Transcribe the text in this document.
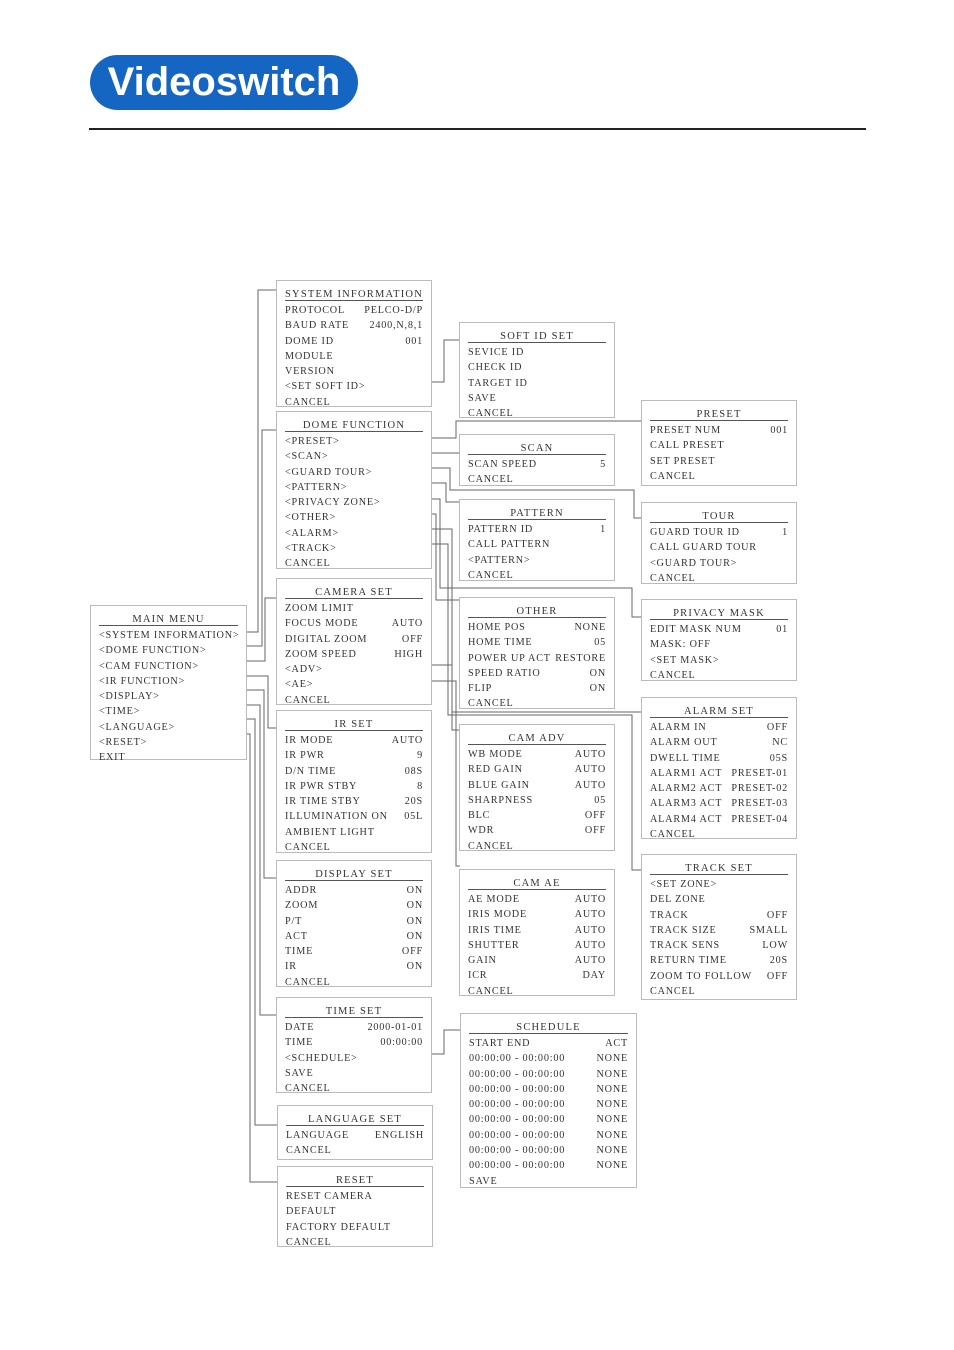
Videoswitch
MAIN MENU
<SYSTEM INFORMATION>
<DOME FUNCTION>
<CAM FUNCTION>
<IR FUNCTION>
<DISPLAY>
<TIME>
<LANGUAGE>
<RESET>
EXIT
SYSTEM INFORMATION
PROTOCOL PELCO-D/P
BAUD RATE 2400,N,8,1
DOME ID	001
MODULE
VERSION
<SET SOFT ID>
CANCEL
SOFT ID SET
SEVICE ID
CHECK ID
TARGET ID
SAVE
CANCEL
DOME FUNCTION
<PRESET>
<SCAN>
<GUARD TOUR>
<PATTERN>
<PRIVACY ZONE>
<OTHER>
<ALARM>
<TRACK>
CANCEL
PRESET
PRESET NUM	001
CALL PRESET
SET PRESET
CANCEL
SCAN
SCAN SPEED	5
CANCEL
PATTERN
PATTERN ID	1
CALL PATTERN
<PATTERN>
CANCEL
TOUR
GUARD TOUR ID	1
CALL GUARD TOUR
<GUARD TOUR>
CANCEL
CAMERA SET
ZOOM LIMIT
FOCUS MODE	AUTO
DIGITAL ZOOM	OFF
ZOOM SPEED	HIGH
<ADV>
<AE>
CANCEL
OTHER
HOME POS	NONE
HOME TIME	05
POWER UP ACT RESTORE
SPEED RATIO	ON
FLIP	ON
CANCEL
PRIVACY MASK
EDIT MASK NUM	01
MASK: OFF
<SET MASK>
CANCEL
ALARM SET
ALARM IN	OFF
ALARM OUT	NC
DWELL TIME	05S
ALARM1 ACT PRESET-01
ALARM2 ACT PRESET-02
ALARM3 ACT PRESET-03
ALARM4 ACT PRESET-04
CANCEL
IR SET
IR MODE	AUTO
IR PWR	9
D/N TIME	08S
IR PWR STBY	8
IR TIME STBY	20S
ILLUMINATION ON 05L
AMBIENT LIGHT
CANCEL
CAM ADV
WB MODE	AUTO
RED GAIN	AUTO
BLUE GAIN	AUTO
SHARPNESS	05
BLC	OFF
WDR	OFF
CANCEL
DISPLAY SET
ADDR	ON
ZOOM	ON
P/T	ON
ACT	ON
TIME	OFF
IR	ON
CANCEL
CAM AE
AE MODE	AUTO
IRIS MODE	AUTO
IRIS TIME	AUTO
SHUTTER	AUTO
GAIN	AUTO
ICR	DAY
CANCEL
TRACK SET
<SET ZONE>
DEL ZONE
TRACK	OFF
TRACK SIZE	SMALL
TRACK SENS	LOW
RETURN TIME	20S
ZOOM TO FOLLOW OFF
CANCEL
TIME SET
DATE	2000-01-01
TIME	00:00:00
<SCHEDULE>
SAVE
CANCEL
SCHEDULE
START END	ACT
00:00:00 - 00:00:00	NONE
00:00:00 - 00:00:00	NONE
00:00:00 - 00:00:00	NONE
00:00:00 - 00:00:00	NONE
00:00:00 - 00:00:00	NONE
00:00:00 - 00:00:00	NONE
00:00:00 - 00:00:00	NONE
00:00:00 - 00:00:00	NONE
SAVE
LANGUAGE SET
LANGUAGE	ENGLISH
CANCEL
RESET
RESET CAMERA
DEFAULT
FACTORY DEFAULT
CANCEL
